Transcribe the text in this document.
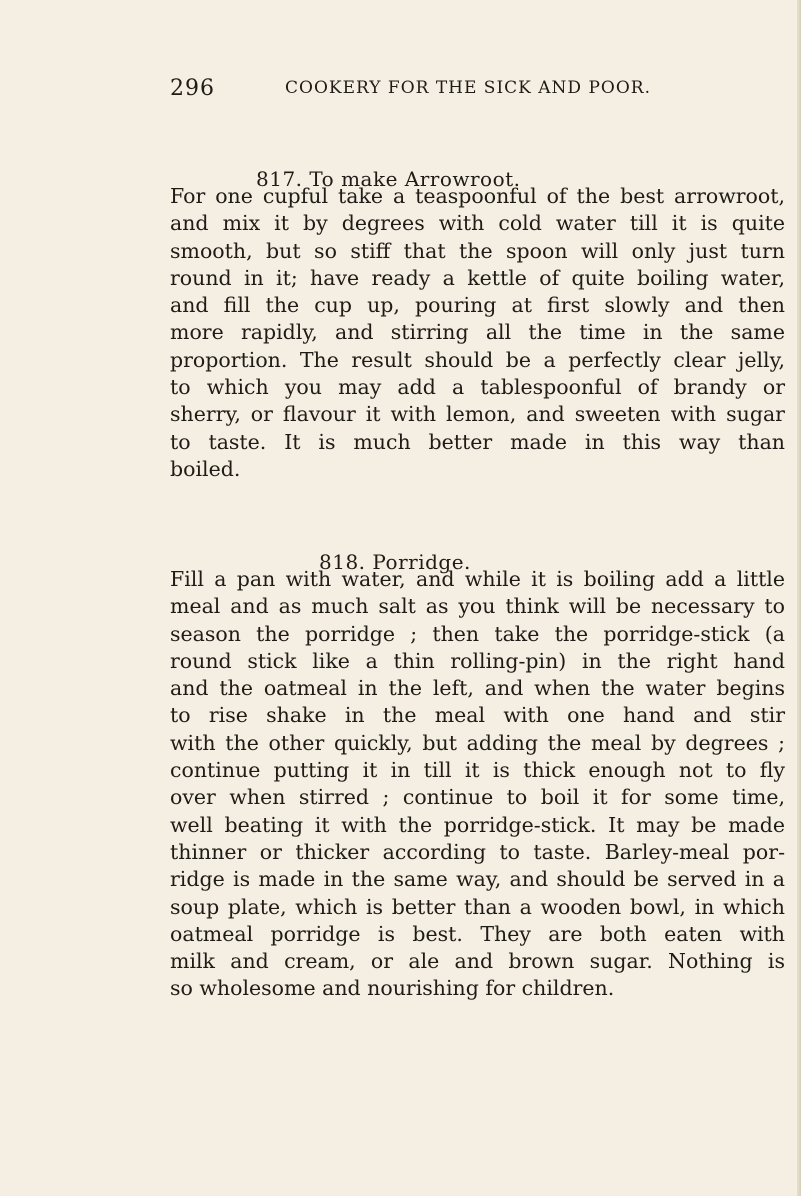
296	COOKERY FOR THE SICK AND POOR.
817. To make Arrowroot.
For one cupful take a teaspoonful of the best arrowroot,
and mix it by degrees with cold water till it is quite
smooth, but so stiff that the spoon will only just turn
round in it; have ready a kettle of quite boiling water,
and fill the cup up, pouring at first slowly and then
more rapidly, and stirring all the time in the same
proportion. The result should be a perfectly clear jelly,
to which you may add a tablespoonful of brandy or
sherry, or flavour it with lemon, and sweeten with sugar
to taste. It is much better made in this way than
boiled.
818. Porridge.
Fill a pan with water, and while it is boiling add a little
meal and as much salt as you think will be necessary to
season the porridge ; then take the porridge-stick (a
round stick like a thin rolling-pin) in the right hand
and the oatmeal in the left, and when the water begins
to rise shake in the meal with one hand and stir
with the other quickly, but adding the meal by degrees ;
continue putting it in till it is thick enough not to fly
over when stirred ; continue to boil it for some time,
well beating it with the porridge-stick. It may be made
thinner or thicker according to taste. Barley-meal por-
ridge is made in the same way, and should be served in a
soup plate, which is better than a wooden bowl, in which
oatmeal porridge is best. They are both eaten with
milk and cream, or ale and brown sugar. Nothing is
so wholesome and nourishing for children.
